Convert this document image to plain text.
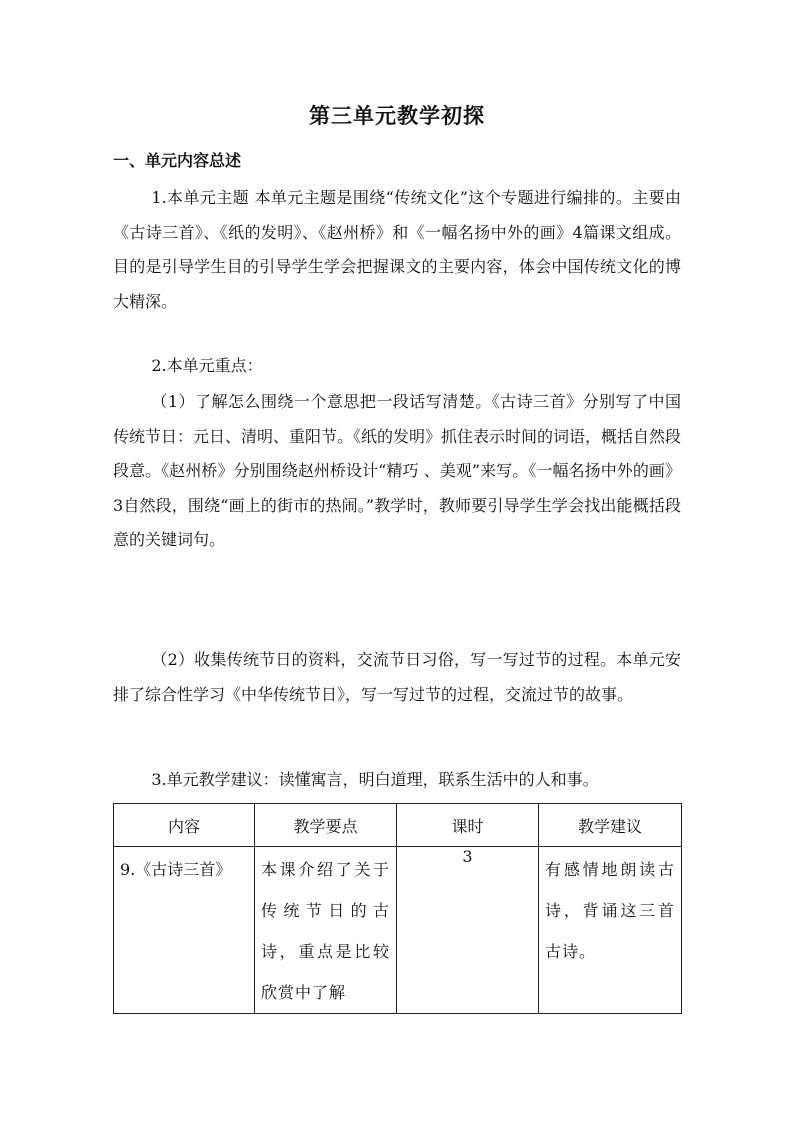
第三单元教学初探
一、单元内容总述
1.本单元主题 本单元主题是围绕“传统文化”这个专题进行编排的。主要由《古诗三首》、《纸的发明》、《赵州桥》和《一幅名扬中外的画》4篇课文组成。目的是引导学生目的引导学生学会把握课文的主要内容，体会中国传统文化的博大精深。
2.本单元重点：
（1）了解怎么围绕一个意思把一段话写清楚。《古诗三首》分别写了中国传统节日：元日、清明、重阳节。《纸的发明》抓住表示时间的词语，概括自然段段意。《赵州桥》分别围绕赵州桥设计“精巧 、美观”来写。《一幅名扬中外的画》3自然段，围绕“画上的街市的热闹。”教学时，教师要引导学生学会找出能概括段意的关键词句。
（2）收集传统节日的资料，交流节日习俗，写一写过节的过程。本单元安排了综合性学习《中华传统节日》，写一写过节的过程，交流过节的故事。
3.单元教学建议：读懂寓言，明白道理，联系生活中的人和事。
内容	教学要点	课时	教学建议

9.《古诗三首》	本课介绍了关于传统节日的古诗，重点是比较欣赏中了解	3	有感情地朗读古诗，背诵这三首古诗。
